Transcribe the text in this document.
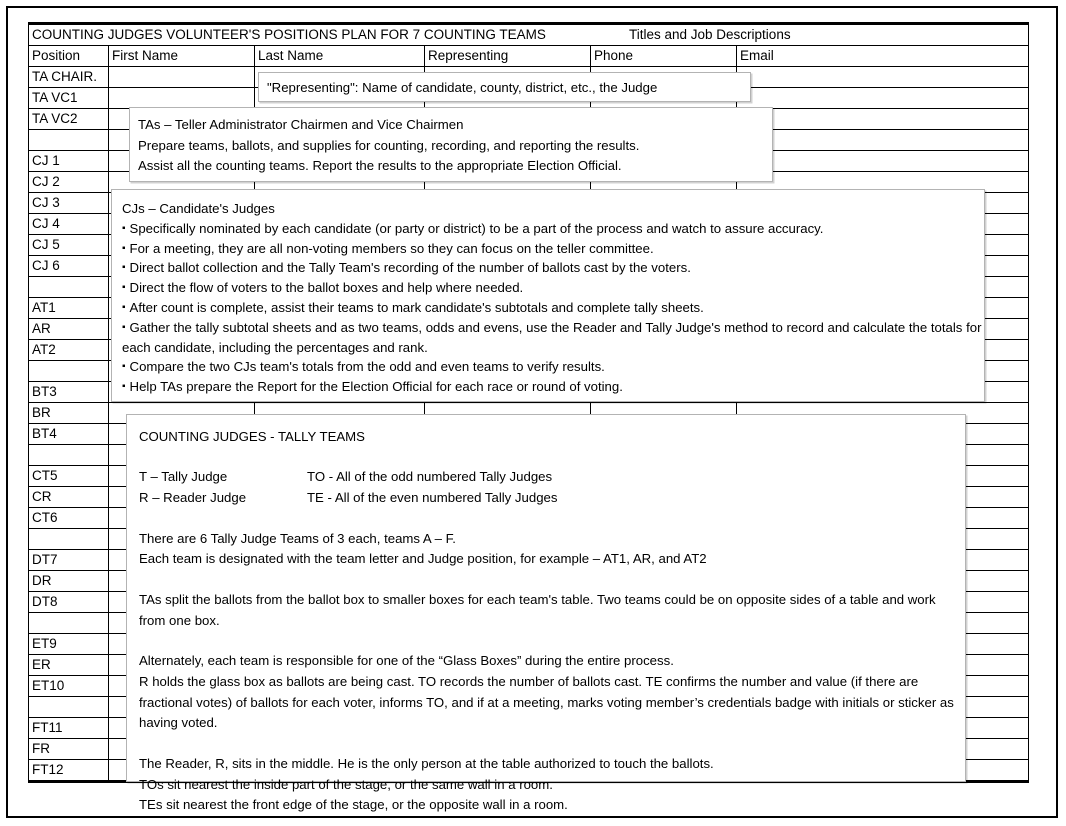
COUNTING JUDGES VOLUNTEER'S POSITIONS PLAN FOR 7 COUNTING TEAMS Titles and Job Descriptions					

Position	First Name	Last Name	Representing	Phone	Email
TA CHAIR.					
TA VC1					
TA VC2					

CJ 1					
CJ 2					
CJ 3					
CJ 4					
CJ 5					
CJ 6					

AT1					
AR					
AT2					

BT3					
BR					
BT4					

CT5					
CR					
CT6					

DT7					
DR					
DT8					

ET9					
ER					
ET10					

FT11					
FR					
FT12					

"Representing": Name of candidate, county, district, etc., the Judge

TAs – Teller Administrator Chairmen and Vice Chairmen

Prepare teams, ballots, and supplies for counting, recording, and reporting the results.

Assist all the counting teams. Report the results to the appropriate Election Official.

CJs – Candidate's Judges

▪ Specifically nominated by each candidate (or party or district) to be a part of the process and watch to assure accuracy.

▪ For a meeting, they are all non-voting members so they can focus on the teller committee.

▪ Direct ballot collection and the Tally Team's recording of the number of ballots cast by the voters.

▪ Direct the flow of voters to the ballot boxes and help where needed.

▪ After count is complete, assist their teams to mark candidate's subtotals and complete tally sheets.

▪ Gather the tally subtotal sheets and as two teams, odds and evens, use the Reader and Tally Judge's method to record and calculate the totals for each candidate, including the percentages and rank.

▪ Compare the two CJs team's totals from the odd and even teams to verify results.

▪ Help TAs prepare the Report for the Election Official for each race or round of voting.

COUNTING JUDGES - TALLY TEAMS

T – Tally Judge	TO - All of the odd numbered Tally Judges

R – Reader Judge	TE - All of the even numbered Tally Judges

There are 6 Tally Judge Teams of 3 each, teams A – F.

Each team is designated with the team letter and Judge position, for example – AT1, AR, and AT2

TAs split the ballots from the ballot box to smaller boxes for each team's table. Two teams could be on opposite sides of a table and work from one box.

Alternately, each team is responsible for one of the “Glass Boxes” during the entire process.

R holds the glass box as ballots are being cast. TO records the number of ballots cast. TE confirms the number and value (if there are fractional votes) of ballots for each voter, informs TO, and if at a meeting, marks voting member’s credentials badge with initials or sticker as having voted.

The Reader, R, sits in the middle. He is the only person at the table authorized to touch the ballots.

TOs sit nearest the inside part of the stage, or the same wall in a room.

TEs sit nearest the front edge of the stage, or the opposite wall in a room.
